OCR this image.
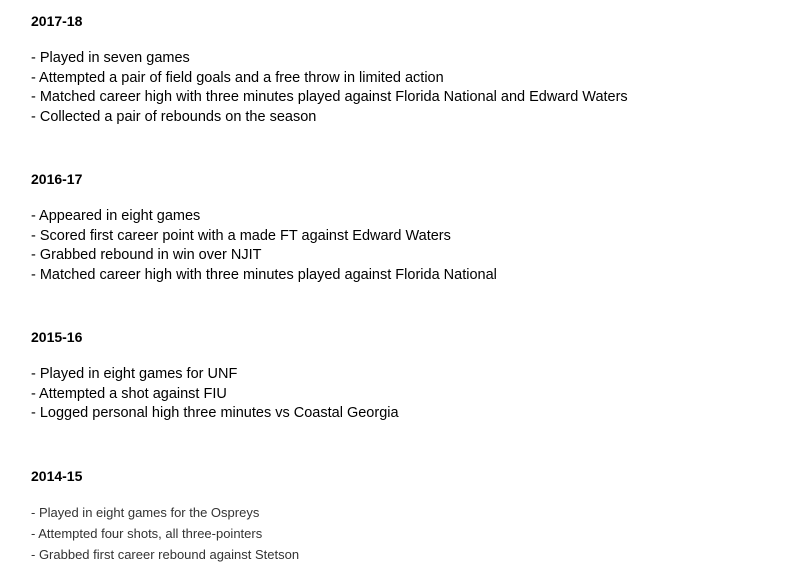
2017-18
- Played in seven games
- Attempted a pair of field goals and a free throw in limited action
- Matched career high with three minutes played against Florida National and Edward Waters
- Collected a pair of rebounds on the season
2016-17
- Appeared in eight games
- Scored first career point with a made FT against Edward Waters
- Grabbed rebound in win over NJIT
- Matched career high with three minutes played against Florida National
2015-16
- Played in eight games for UNF
- Attempted a shot against FIU
- Logged personal high three minutes vs Coastal Georgia
2014-15
- Played in eight games for the Ospreys
- Attempted four shots, all three-pointers
- Grabbed first career rebound against Stetson
